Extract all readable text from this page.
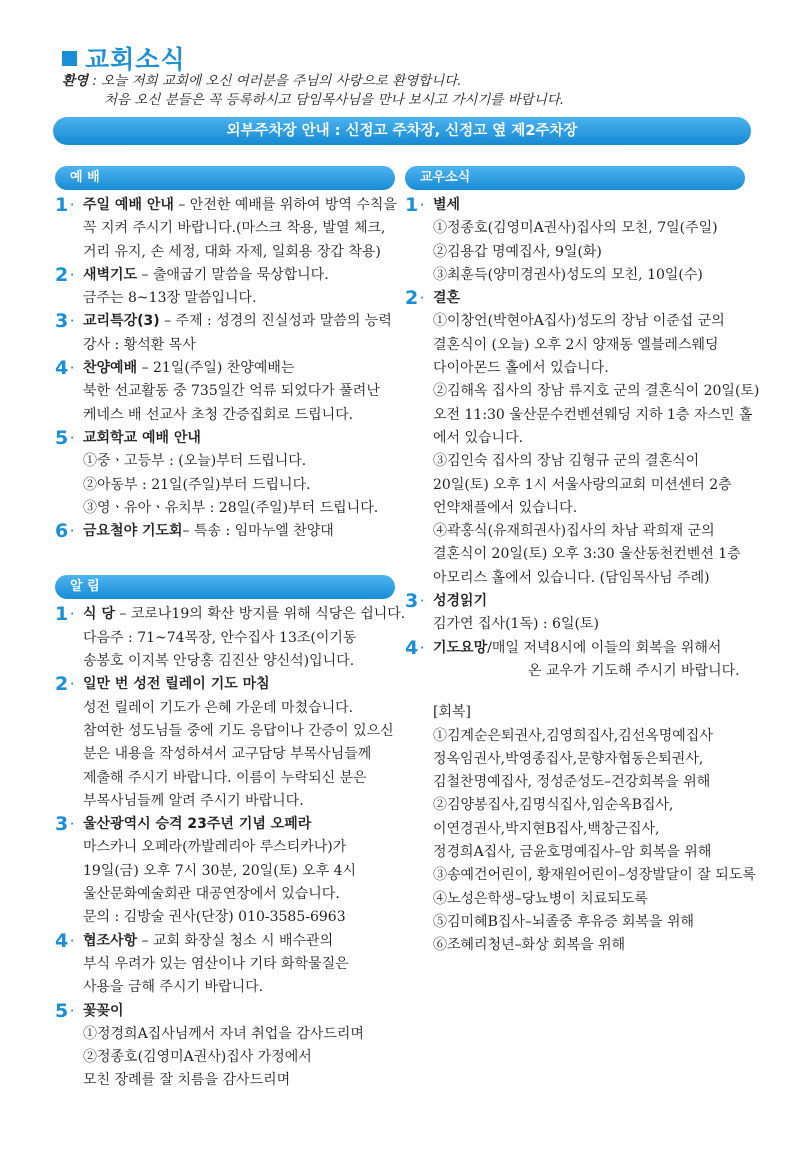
교회소식
환영 : 오늘 저희 교회에 오신 여러분을 주님의 사랑으로 환영합니다.
처음 오신 분들은 꼭 등록하시고 담임목사님을 만나 보시고 가시기를 바랍니다.
외부주차장 안내 : 신정고 주차장, 신정고 옆 제2주차장
예 배
1 · 주일 예배 안내 – 안전한 예배를 위하여 방역 수칙을
꼭 지켜 주시기 바랍니다.(마스크 착용, 발열 체크,
거리 유지, 손 세정, 대화 자제, 일회용 장갑 착용)
2 · 새벽기도 – 출애굽기 말씀을 묵상합니다.
금주는 8~13장 말씀입니다.
3 · 교리특강(3) – 주제 : 성경의 진실성과 말씀의 능력
강사 : 황석환 목사
4 · 찬양예배 – 21일(주일) 찬양예배는
북한 선교활동 중 735일간 억류 되었다가 풀려난
케네스 배 선교사 초청 간증집회로 드립니다.
5 · 교회학교 예배 안내
①중ㆍ고등부 : (오늘)부터 드립니다.
②아동부 : 21일(주일)부터 드립니다.
③영ㆍ유아ㆍ유치부 : 28일(주일)부터 드립니다.
6 · 금요철야 기도회– 특송 : 임마누엘 찬양대
알 림
1 · 식 당 – 코로나19의 확산 방지를 위해 식당은 쉽니다.
다음주 : 71~74목장, 안수집사 13조(이기동
송봉호 이지복 안당홍 김진산 양신석)입니다.
2 · 일만 번 성전 릴레이 기도 마침
성전 릴레이 기도가 은혜 가운데 마쳤습니다.
참여한 성도님들 중에 기도 응답이나 간증이 있으신
분은 내용을 작성하셔서 교구담당 부목사님들께
제출해 주시기 바랍니다. 이름이 누락되신 분은
부목사님들께 알려 주시기 바랍니다.
3 · 울산광역시 승격 23주년 기념 오페라
마스카니 오페라(까발레리아 루스티카나)가
19일(금) 오후 7시 30분, 20일(토) 오후 4시
울산문화예술회관 대공연장에서 있습니다.
문의 : 김방술 권사(단장) 010-3585-6963
4 · 협조사항 – 교회 화장실 청소 시 배수관의
부식 우려가 있는 염산이나 기타 화학물질은
사용을 금해 주시기 바랍니다.
5 · 꽃꽂이
①정경희A집사님께서 자녀 취업을 감사드리며
②정종호(김영미A권사)집사 가정에서
모친 장례를 잘 치름을 감사드리며
교우소식
1 · 별세
①정종호(김영미A권사)집사의 모친, 7일(주일)
②김용갑 명예집사, 9일(화)
③최훈득(양미경권사)성도의 모친, 10일(수)
2 · 결혼
①이창언(박현아A집사)성도의 장남 이준섭 군의
결혼식이 (오늘) 오후 2시 양재동 엘블레스웨딩
다이아몬드 홀에서 있습니다.
②김해옥 집사의 장남 류지호 군의 결혼식이 20일(토)
오전 11:30 울산문수컨벤션웨딩 지하 1층 자스민 홀
에서 있습니다.
③김인숙 집사의 장남 김형규 군의 결혼식이
20일(토) 오후 1시 서울사랑의교회 미션센터 2층
언약채플에서 있습니다.
④곽홍식(유재희권사)집사의 차남 곽희재 군의
결혼식이 20일(토) 오후 3:30 울산동천컨벤션 1층
아모리스 홀에서 있습니다. (담임목사님 주례)
3 · 성경읽기
김가연 집사(1독) : 6일(토)
4 · 기도요망/매일 저녁8시에 이들의 회복을 위해서
온 교우가 기도해 주시기 바랍니다.
[회복]
①김계순은퇴권사,김영희집사,김선옥명예집사
정옥임권사,박영종집사,문향자협동은퇴권사,
김철찬명예집사, 정성준성도–건강회복을 위해
②김양봉집사,김명식집사,임순옥B집사,
이연경권사,박지현B집사,백창근집사,
정경희A집사, 금윤호명예집사–암 회복을 위해
③송예건어린이, 황재원어린이–성장발달이 잘 되도록
④노성은학생–당뇨병이 치료되도록
⑤김미혜B집사–뇌졸중 후유증 회복을 위해
⑥조혜리청년–화상 회복을 위해
